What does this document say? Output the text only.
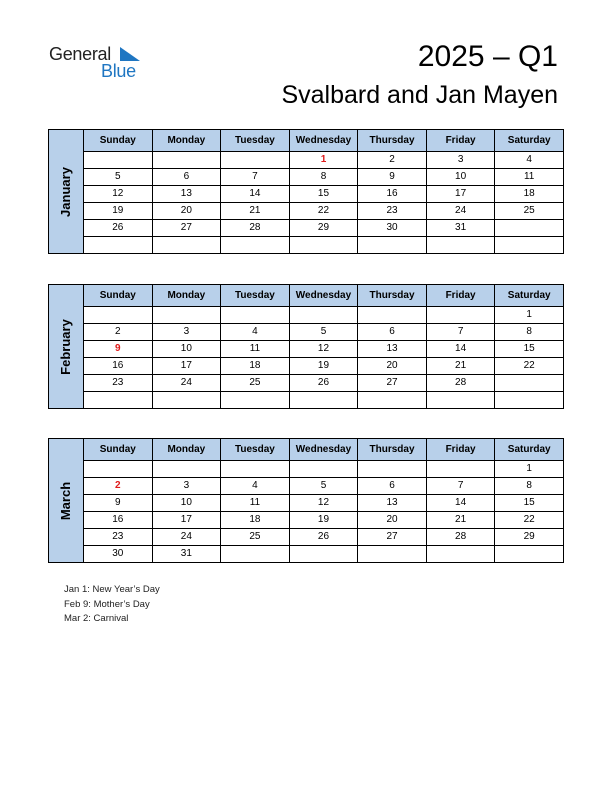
General
Blue	2025 – Q1
Svalbard and Jan Mayen
January	Sunday	Monday	Tuesday	Wednesday	Thursday	Friday	Saturday
				1	2	3	4
	5	6	7	8	9	10	11
	12	13	14	15	16	17	18
	19	20	21	22	23	24	25
	26	27	28	29	30	31	

February	Sunday	Monday	Tuesday	Wednesday	Thursday	Friday	Saturday
							1
	2	3	4	5	6	7	8
	9	10	11	12	13	14	15
	16	17	18	19	20	21	22
	23	24	25	26	27	28	

March	Sunday	Monday	Tuesday	Wednesday	Thursday	Friday	Saturday
							1
	2	3	4	5	6	7	8
	9	10	11	12	13	14	15
	16	17	18	19	20	21	22
	23	24	25	26	27	28	29
	30	31					
Jan 1: New Year’s Day
Feb 9: Mother’s Day
Mar 2: Carnival
